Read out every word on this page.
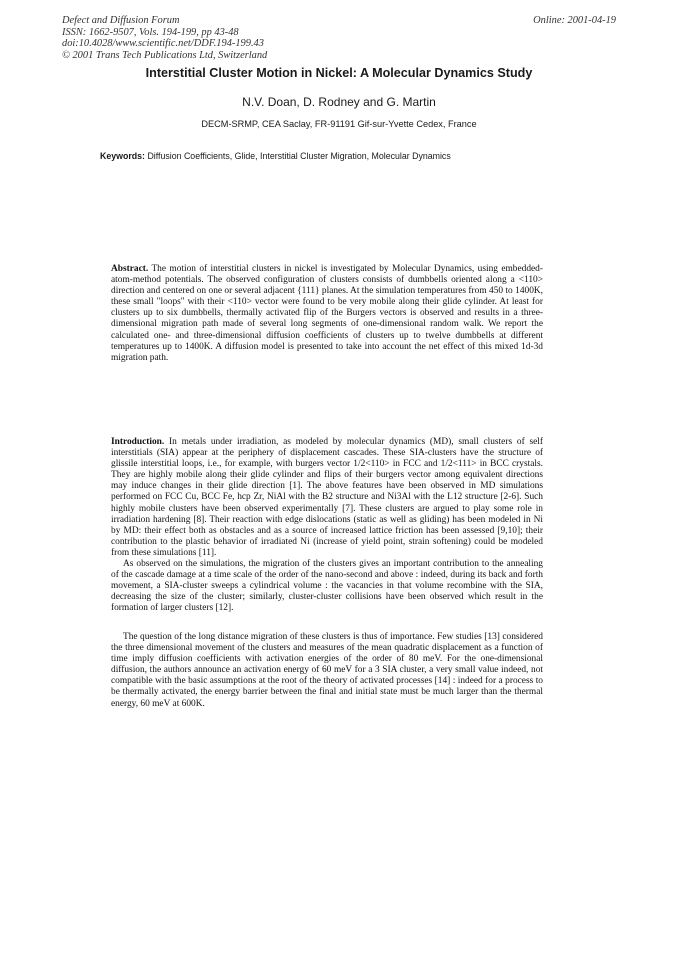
Defect and Diffusion Forum
ISSN: 1662-9507, Vols. 194-199, pp 43-48
doi:10.4028/www.scientific.net/DDF.194-199.43
© 2001 Trans Tech Publications Ltd, Switzerland
Online: 2001-04-19
Interstitial Cluster Motion in Nickel: A Molecular Dynamics Study
N.V. Doan, D. Rodney and G. Martin
DECM-SRMP, CEA Saclay, FR-91191 Gif-sur-Yvette Cedex, France
Keywords: Diffusion Coefficients, Glide, Interstitial Cluster Migration, Molecular Dynamics

Abstract. The motion of interstitial clusters in nickel is investigated by Molecular Dynamics, using embedded-atom-method potentials. The observed configuration of clusters consists of dumbbells oriented along a <110> direction and centered on one or several adjacent {111} planes. At the simulation temperatures from 450 to 1400K, these small "loops" with their <110> vector were found to be very mobile along their glide cylinder. At least for clusters up to six dumbbells, thermally activated flip of the Burgers vectors is observed and results in a three-dimensional migration path made of several long segments of one-dimensional random walk. We report the calculated one- and three-dimensional diffusion coefficients of clusters up to twelve dumbbells at different temperatures up to 1400K. A diffusion model is presented to take into account the net effect of this mixed 1d-3d migration path.

Introduction. In metals under irradiation, as modeled by molecular dynamics (MD), small clusters of self interstitials (SIA) appear at the periphery of displacement cascades. These SIA-clusters have the structure of glissile interstitial loops, i.e., for example, with burgers vector 1/2<110> in FCC and 1/2<111> in BCC crystals. They are highly mobile along their glide cylinder and flips of their burgers vector among equivalent directions may induce changes in their glide direction [1]. The above features have been observed in MD simulations performed on FCC Cu, BCC Fe, hcp Zr, NiAl with the B2 structure and Ni3Al with the L12 structure [2-6]. Such highly mobile clusters have been observed experimentally [7]. These clusters are argued to play some role in irradiation hardening [8]. Their reaction with edge dislocations (static as well as gliding) has been modeled in Ni by MD: their effect both as obstacles and as a source of increased lattice friction has been assessed [9,10]; their contribution to the plastic behavior of irradiated Ni (increase of yield point, strain softening) could be modeled from these simulations [11].

As observed on the simulations, the migration of the clusters gives an important contribution to the annealing of the cascade damage at a time scale of the order of the nano-second and above : indeed, during its back and forth movement, a SIA-cluster sweeps a cylindrical volume : the vacancies in that volume recombine with the SIA, decreasing the size of the cluster; similarly, cluster-cluster collisions have been observed which result in the formation of larger clusters [12].

The question of the long distance migration of these clusters is thus of importance. Few studies [13] considered the three dimensional movement of the clusters and measures of the mean quadratic displacement as a function of time imply diffusion coefficients with activation energies of the order of 80 meV. For the one-dimensional diffusion, the authors announce an activation energy of 60 meV for a 3 SIA cluster, a very small value indeed, not compatible with the basic assumptions at the root of the theory of activated processes [14] : indeed for a process to be thermally activated, the energy barrier between the final and initial state must be much larger than the thermal energy, 60 meV at 600K.
